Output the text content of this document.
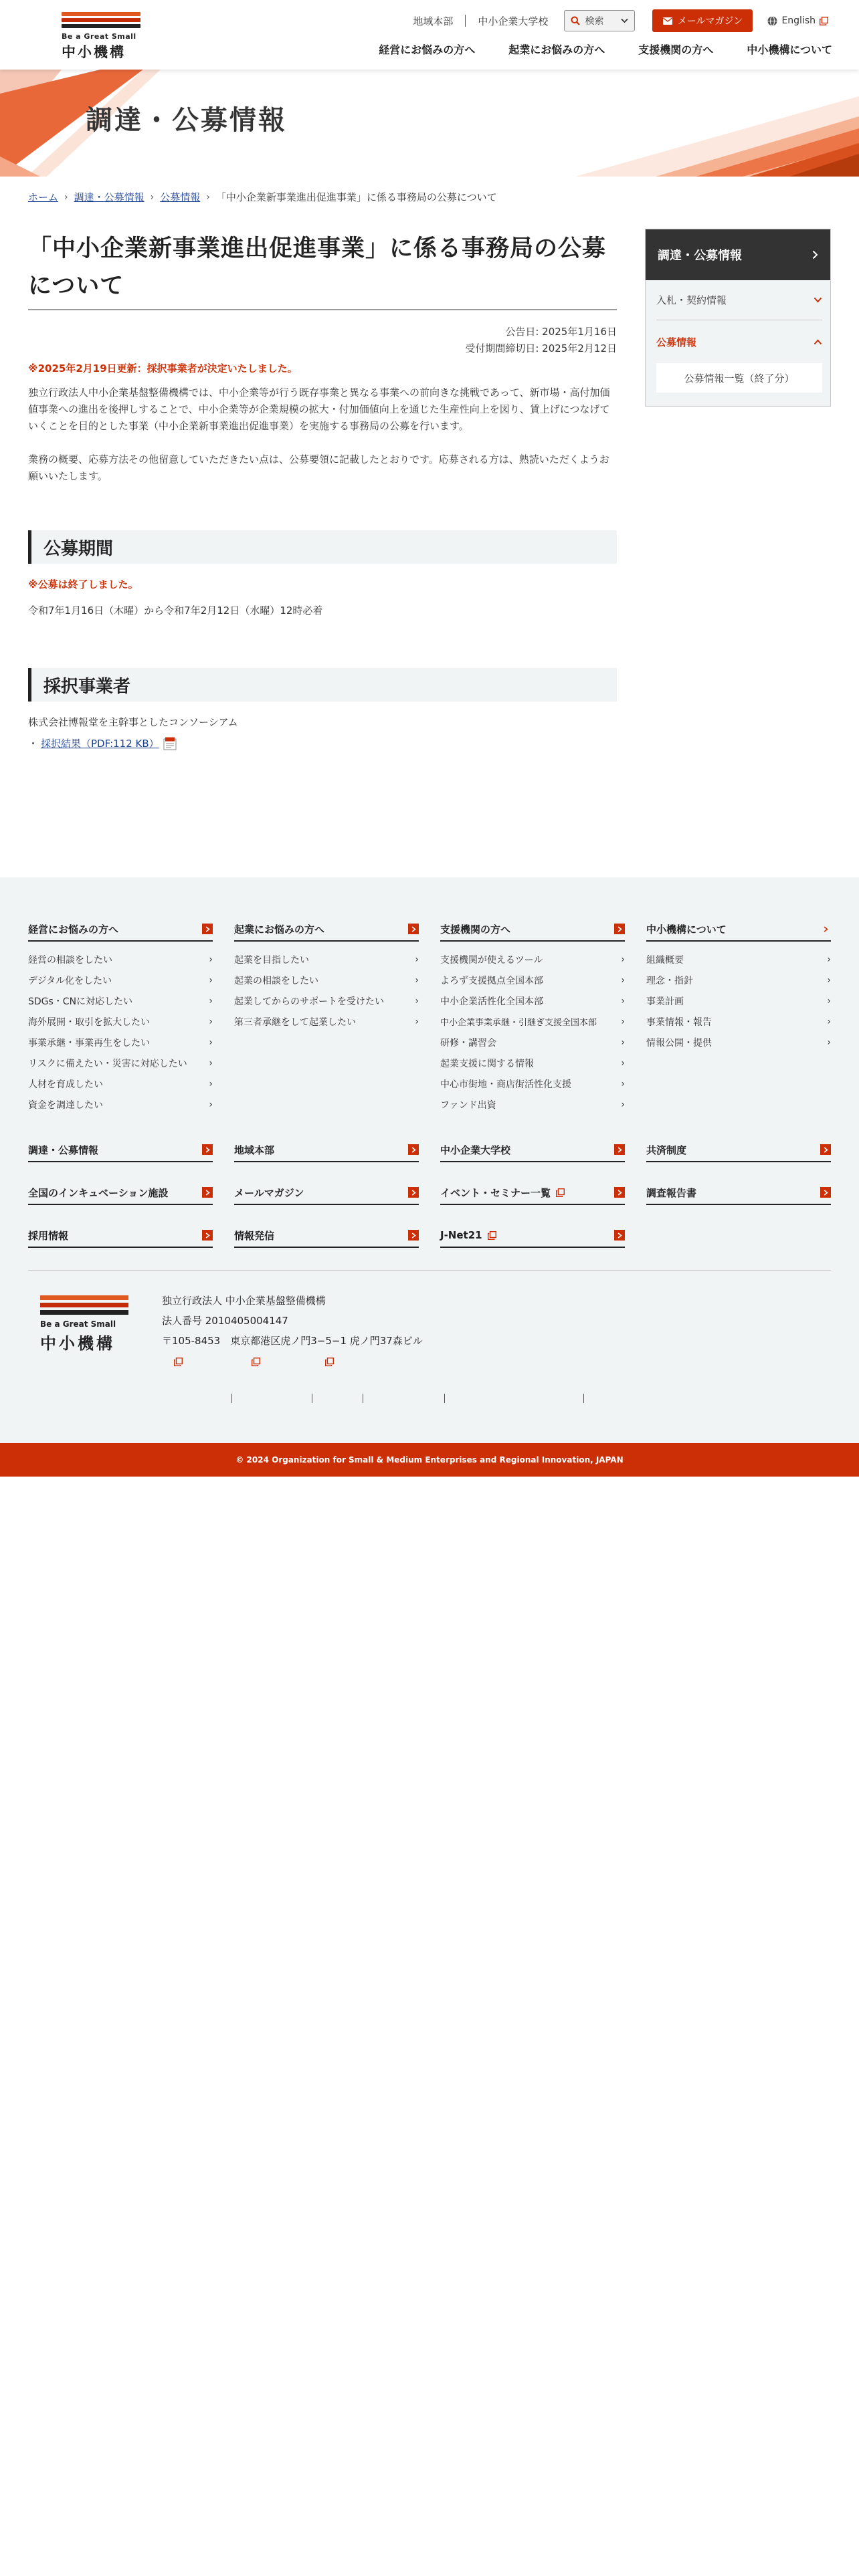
Be a Great Small
中小機構
地域本部	中小企業大学校	検索	メールマガジン	English
経営にお悩みの方へ	起業にお悩みの方へ	支援機関の方へ	中小機構について
調達・公募情報
ホーム › 調達・公募情報 › 公募情報 › 「中小企業新事業進出促進事業」に係る事務局の公募について
「中小企業新事業進出促進事業」に係る事務局の公募について
公告日: 2025年1月16日
受付期間締切日: 2025年2月12日

※2025年2月19日更新：採択事業者が決定いたしました。

独立行政法人中小企業基盤整備機構では、中小企業等が行う既存事業と異なる事業への前向きな挑戦であって、新市場・高付加価値事業への進出を後押しすることで、中小企業等が企業規模の拡大・付加価値向上を通じた生産性向上を図り、賃上げにつなげていくことを目的とした事業（中小企業新事業進出促進事業）を実施する事務局の公募を行います。

業務の概要、応募方法その他留意していただきたい点は、公募要領に記載したとおりです。応募される方は、熟読いただくようお願いいたします。

公募期間

※公募は終了しました。

令和7年1月16日（木曜）から令和7年2月12日（水曜）12時必着

採択事業者

株式会社博報堂を主幹事としたコンソーシアム

・ 採択結果（PDF:112 KB）
調達・公募情報
入札・契約情報
公募情報
公募情報一覧（終了分）
経営にお悩みの方へ
経営の相談をしたい	›
デジタル化をしたい	›
SDGs・CNに対応したい	›
海外展開・取引を拡大したい	›
事業承継・事業再生をしたい	›
リスクに備えたい・災害に対応したい ›
人材を育成したい	›
資金を調達したい	›
起業にお悩みの方へ
起業を目指したい	›
起業の相談をしたい	›
起業してからのサポートを受けたい	›
第三者承継をして起業したい	›
支援機関の方へ
支援機関が使えるツール	›
よろず支援拠点全国本部	›
中小企業活性化全国本部	›
中小企業事業承継・引継ぎ支援全国本部	›
研修・講習会	›
起業支援に関する情報	›
中心市街地・商店街活性化支援	›
ファンド出資	›
中小機構について
組織概要	›
理念・指針	›
事業計画	›
事業情報・報告	›
情報公開・提供	›
調達・公募情報	地域本部	中小企業大学校	共済制度
全国のインキュベーション施設	メールマガジン	イベント・セミナー一覧	調査報告書
採用情報	情報発信	J-Net21
Be a Great Small
中小機構
独立行政法人 中小企業基盤整備機構
法人番号 2010405004147
〒105-8453　東京都港区虎ノ門3−5−1 虎ノ門37森ビル
© 2024 Organization for Small & Medium Enterprises and Regional Innovation, JAPAN
